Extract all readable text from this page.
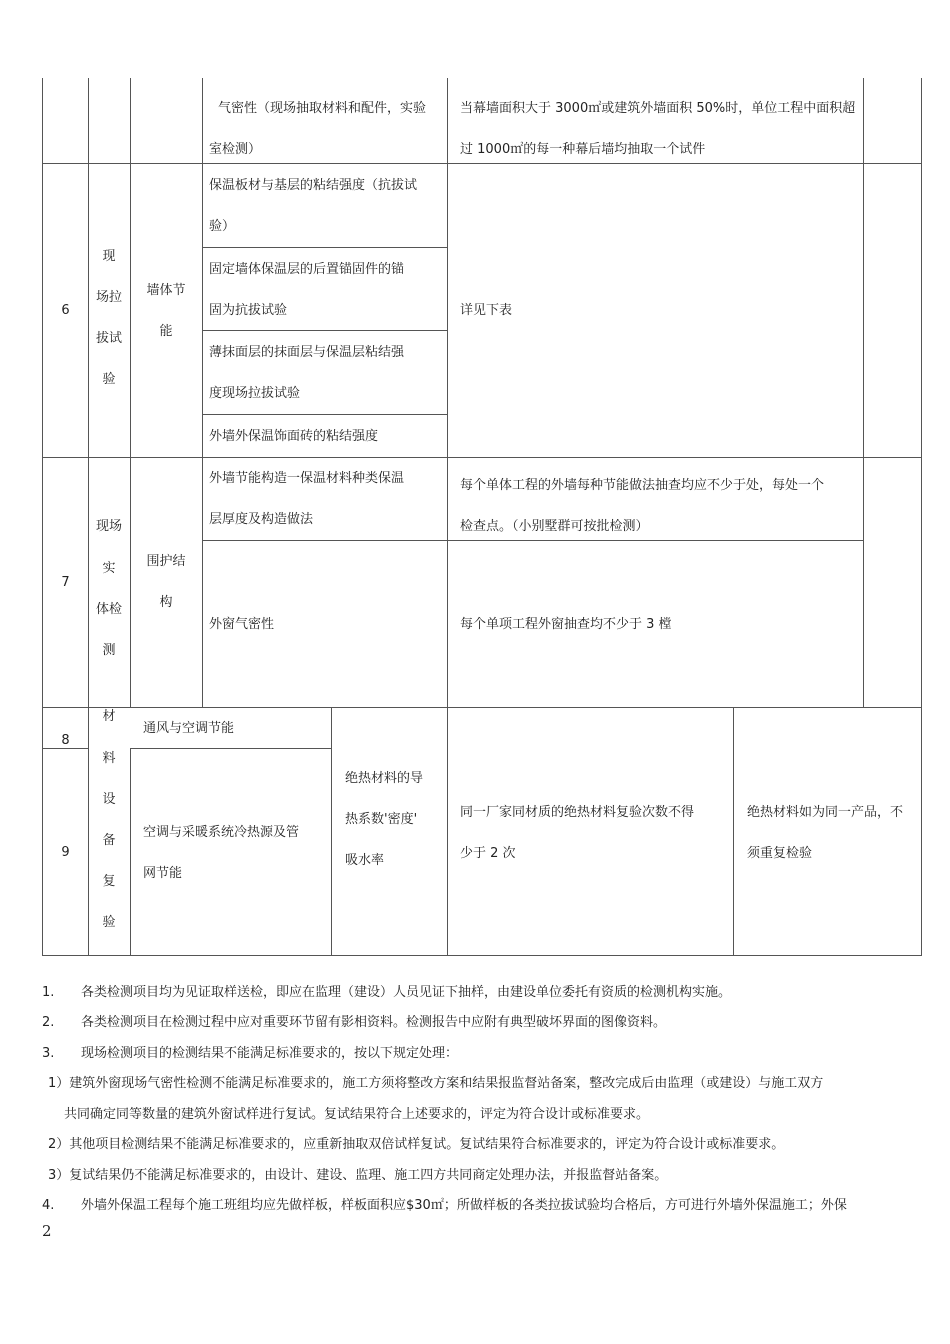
气密性（现场抽取材料和配件，实验
室检测）
当幕墙面积大于 3000㎡或建筑外墙面积 50%时，单位工程中面积超
过 1000㎡的每一种幕后墙均抽取一个试件
6
现
场拉
拔试
验
墙体节
能
保温板材与基层的粘结强度（抗拔试
验）
固定墙体保温层的后置锚固件的锚
固为抗拔试验
薄抹面层的抹面层与保温层粘结强
度现场拉拔试验
外墙外保温饰面砖的粘结强度
详见下表
7
现场
实
体检
测
围护结
构
外墙节能构造一保温材料种类保温
层厚度及构造做法
每个单体工程的外墙每种节能做法抽查均应不少于处，每处一个
检查点。（小别墅群可按批检测）
外窗气密性	每个单项工程外窗抽查均不少于 3 樘
8
9
材
料
设
备
复
验
通风与空调节能
空调与采暖系统冷热源及管
网节能
绝热材料的导
热系数'密度'
吸水率
同一厂家同材质的绝热材料复验次数不得
少于 2 次
绝热材料如为同一产品，不
须重复检验
1. 各类检测项目均为见证取样送检，即应在监理（建设）人员见证下抽样，由建设单位委托有资质的检测机构实施。
2. 各类检测项目在检测过程中应对重要环节留有影相资料。检测报告中应附有典型破坏界面的图像资料。
3. 现场检测项目的检测结果不能满足标准要求的，按以下规定处理：
1）建筑外窗现场气密性检测不能满足标准要求的，施工方须将整改方案和结果报监督站备案，整改完成后由监理（或建设）与施工双方
共同确定同等数量的建筑外窗试样进行复试。复试结果符合上述要求的，评定为符合设计或标准要求。
2）其他项目检测结果不能满足标准要求的，应重新抽取双倍试样复试。复试结果符合标准要求的，评定为符合设计或标准要求。
3）复试结果仍不能满足标准要求的，由设计、建设、监理、施工四方共同商定处理办法，并报监督站备案。
4. 外墙外保温工程每个施工班组均应先做样板，样板面积应$30㎡；所做样板的各类拉拔试验均合格后，方可进行外墙外保温施工；外保
2
